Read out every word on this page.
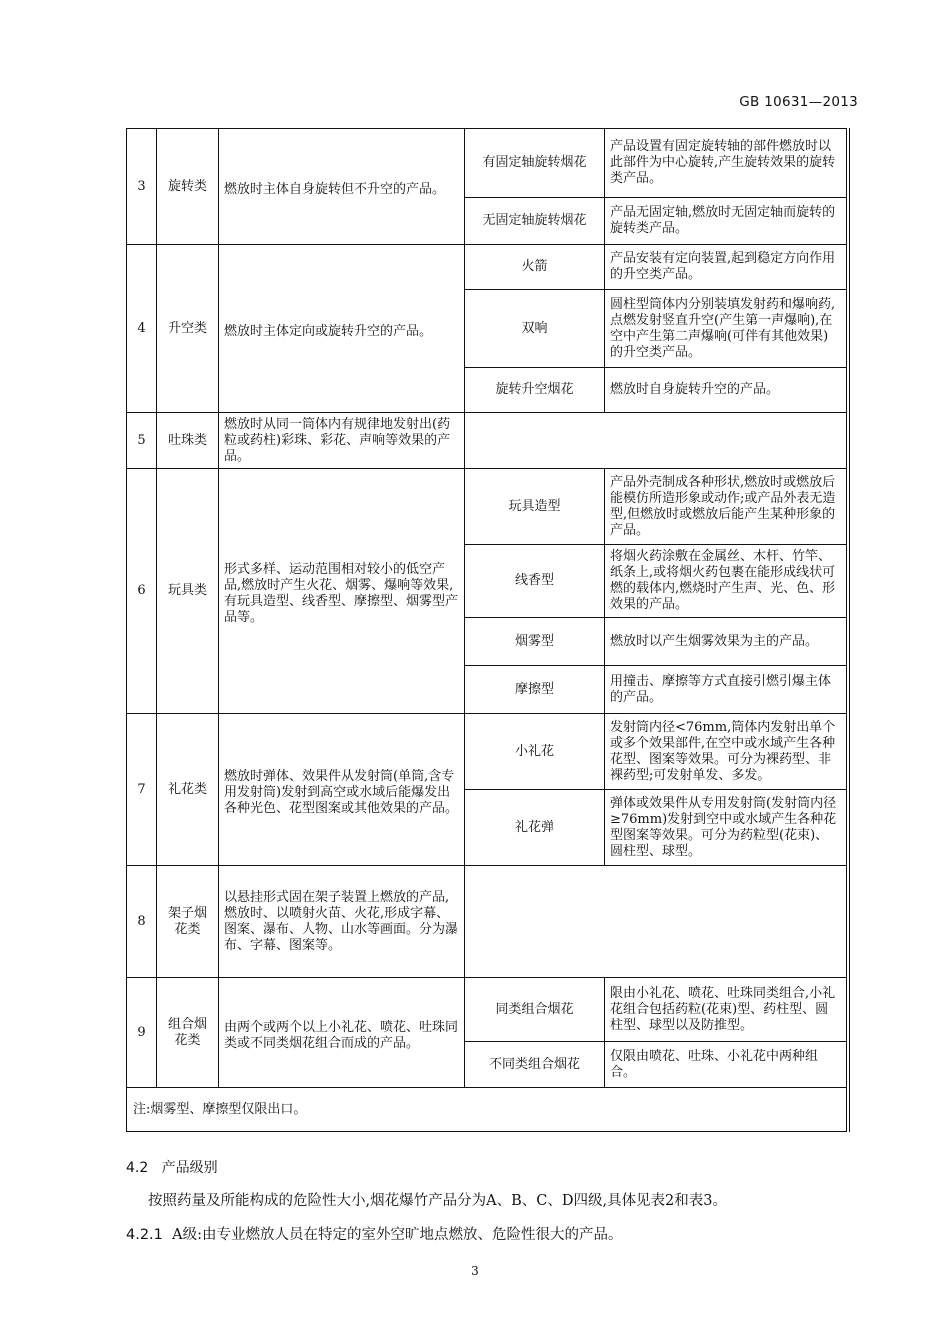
GB 10631—2013
3	旋转类	燃放时主体自身旋转但不升空的产品。	有固定轴旋转烟花	产品设置有固定旋转轴的部件燃放时以此部件为中心旋转,产生旋转效果的旋转类产品。
			无固定轴旋转烟花	产品无固定轴,燃放时无固定轴而旋转的旋转类产品。
4	升空类	燃放时主体定向或旋转升空的产品。	火箭	产品安装有定向装置,起到稳定方向作用的升空类产品。
			双响	圆柱型筒体内分别装填发射药和爆响药,点燃发射竖直升空(产生第一声爆响),在空中产生第二声爆响(可伴有其他效果)的升空类产品。
			旋转升空烟花	燃放时自身旋转升空的产品。
5	吐珠类	燃放时从同一筒体内有规律地发射出(药粒或药柱)彩珠、彩花、声响等效果的产品。		
6	玩具类	形式多样、运动范围相对较小的低空产品,燃放时产生火花、烟雾、爆响等效果,有玩具造型、线香型、摩擦型、烟雾型产品等。	玩具造型	产品外壳制成各种形状,燃放时或燃放后能模仿所造形象或动作;或产品外表无造型,但燃放时或燃放后能产生某种形象的产品。
			线香型	将烟火药涂敷在金属丝、木杆、竹竿、纸条上,或将烟火药包裹在能形成线状可燃的载体内,燃烧时产生声、光、色、形效果的产品。
			烟雾型	燃放时以产生烟雾效果为主的产品。
			摩擦型	用撞击、摩擦等方式直接引燃引爆主体的产品。
7	礼花类	燃放时弹体、效果件从发射筒(单筒,含专用发射筒)发射到高空或水域后能爆发出各种光色、花型图案或其他效果的产品。	小礼花	发射筒内径<76mm,筒体内发射出单个或多个效果部件,在空中或水域产生各种花型、图案等效果。可分为裸药型、非裸药型;可发射单发、多发。
			礼花弹	弹体或效果件从专用发射筒(发射筒内径≥76mm)发射到空中或水域产生各种花型图案等效果。可分为药粒型(花束)、圆柱型、球型。
8	架子烟花类	以悬挂形式固在架子装置上燃放的产品,燃放时、以喷射火苗、火花,形成字幕、图案、瀑布、人物、山水等画面。分为瀑布、字幕、图案等。		
9	组合烟花类	由两个或两个以上小礼花、喷花、吐珠同类或不同类烟花组合而成的产品。	同类组合烟花	限由小礼花、喷花、吐珠同类组合,小礼花组合包括药粒(花束)型、药柱型、圆柱型、球型以及防推型。
			不同类组合烟花	仅限由喷花、吐珠、小礼花中两种组合。
注:烟雾型、摩擦型仅限出口。				
4.2 产品级别
按照药量及所能构成的危险性大小,烟花爆竹产品分为A、B、C、D四级,具体见表2和表3。
4.2.1 A级:由专业燃放人员在特定的室外空旷地点燃放、危险性很大的产品。
3
